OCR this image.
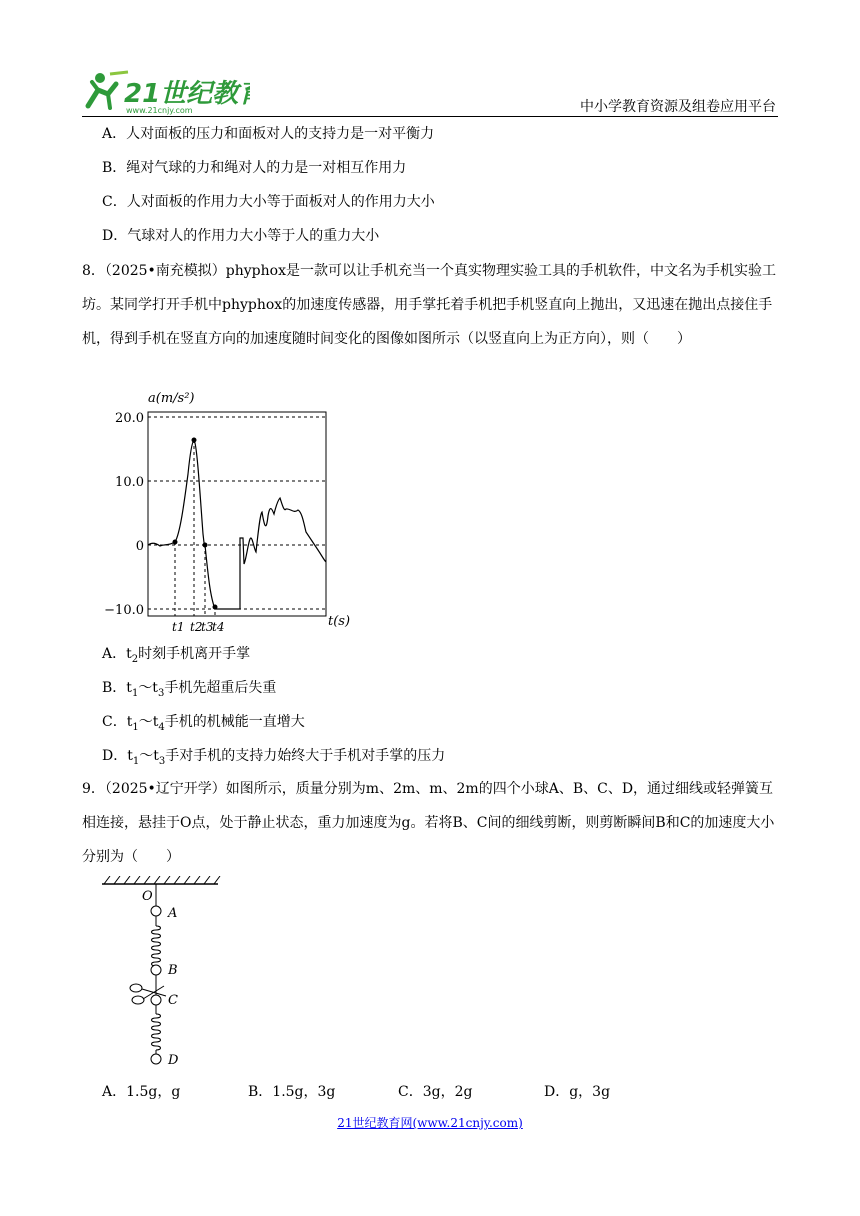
21世纪教
www.21cnjy.com	中小学教育资源及组卷应用平台
A．人对面板的压力和面板对人的支持力是一对平衡力
B．绳对气球的力和绳对人的力是一对相互作用力
C．人对面板的作用力大小等于面板对人的作用力大小
D．气球对人的作用力大小等于人的重力大小
8．（2025•南充模拟）phyphox是一款可以让手机充当一个真实物理实验工具的手机软件，中文名为手机实验工坊。某同学打开手机中phyphox的加速度传感器，用手掌托着手机把手机竖直向上抛出，又迅速在抛出点接住手机，得到手机在竖直方向的加速度随时间变化的图像如图所示（以竖直向上为正方向），则（　　）
a(m/s²)
20.0
10.0
0
−10.0
t1 t2
t3
t4	t(s)
A．$t_2$时刻手机离开手掌
B．$t_1\sim t_3$手机先超重后失重
C．$t_1\sim t_4$手机的机械能一直增大
D．$t_1\sim t_3$手对手机的支持力始终大于手机对手掌的压力
9．（2025•辽宁开学）如图所示，质量分别为m、2m、m、2m的四个小球A、B、C、D，通过细线或轻弹簧互相连接，悬挂于O点，处于静止状态，重力加速度为g。若将B、C间的细线剪断，则剪断瞬间B和C的加速度大小分别为（　　）
O
A
B
C
D
A．1.5g，g	B．1.5g，3g	C．3g，2g	D．g，3g
21世纪教育网(www.21cnjy.com)
